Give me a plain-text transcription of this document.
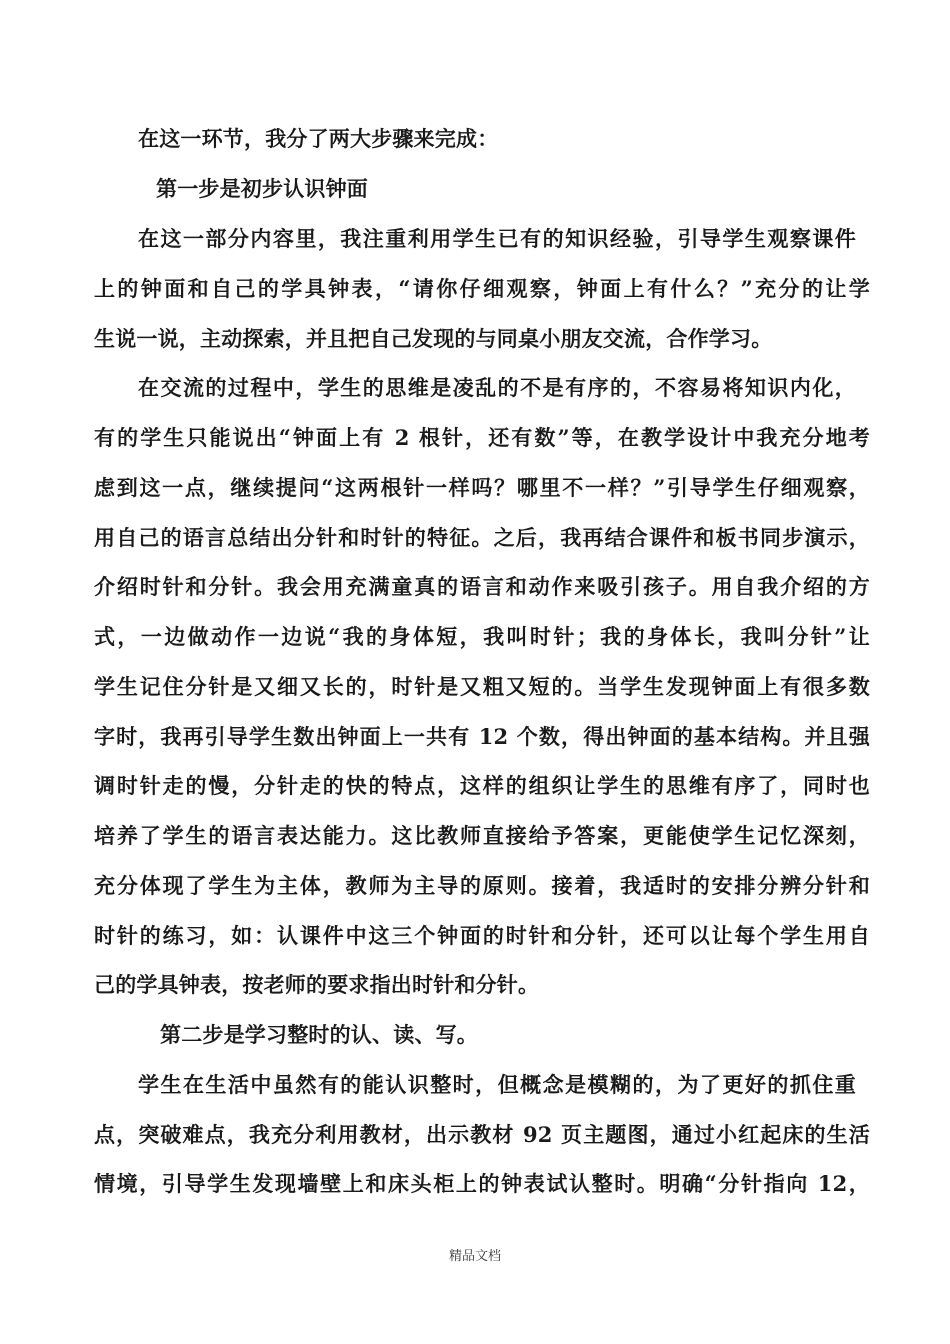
在这一环节，我分了两大步骤来完成：
第一步是初步认识钟面
在这一部分内容里，我注重利用学生已有的知识经验，引导学生观察课件
上的钟面和自己的学具钟表，“请你仔细观察，钟面上有什么？”充分的让学
生说一说，主动探索，并且把自己发现的与同桌小朋友交流，合作学习。
在交流的过程中，学生的思维是凌乱的不是有序的，不容易将知识内化，
有的学生只能说出“钟面上有 2 根针，还有数”等，在教学设计中我充分地考
虑到这一点，继续提问“这两根针一样吗？哪里不一样？”引导学生仔细观察，
用自己的语言总结出分针和时针的特征。之后，我再结合课件和板书同步演示，
介绍时针和分针。我会用充满童真的语言和动作来吸引孩子。用自我介绍的方
式，一边做动作一边说“我的身体短，我叫时针；我的身体长，我叫分针”让
学生记住分针是又细又长的，时针是又粗又短的。当学生发现钟面上有很多数
字时，我再引导学生数出钟面上一共有 12 个数，得出钟面的基本结构。并且强
调时针走的慢，分针走的快的特点，这样的组织让学生的思维有序了，同时也
培养了学生的语言表达能力。这比教师直接给予答案，更能使学生记忆深刻，
充分体现了学生为主体，教师为主导的原则。接着，我适时的安排分辨分针和
时针的练习，如：认课件中这三个钟面的时针和分针，还可以让每个学生用自
己的学具钟表，按老师的要求指出时针和分针。
第二步是学习整时的认、读、写。
学生在生活中虽然有的能认识整时，但概念是模糊的，为了更好的抓住重
点，突破难点，我充分利用教材，出示教材 92 页主题图，通过小红起床的生活
情境，引导学生发现墙壁上和床头柜上的钟表试认整时。明确“分针指向 12，
精品文档
